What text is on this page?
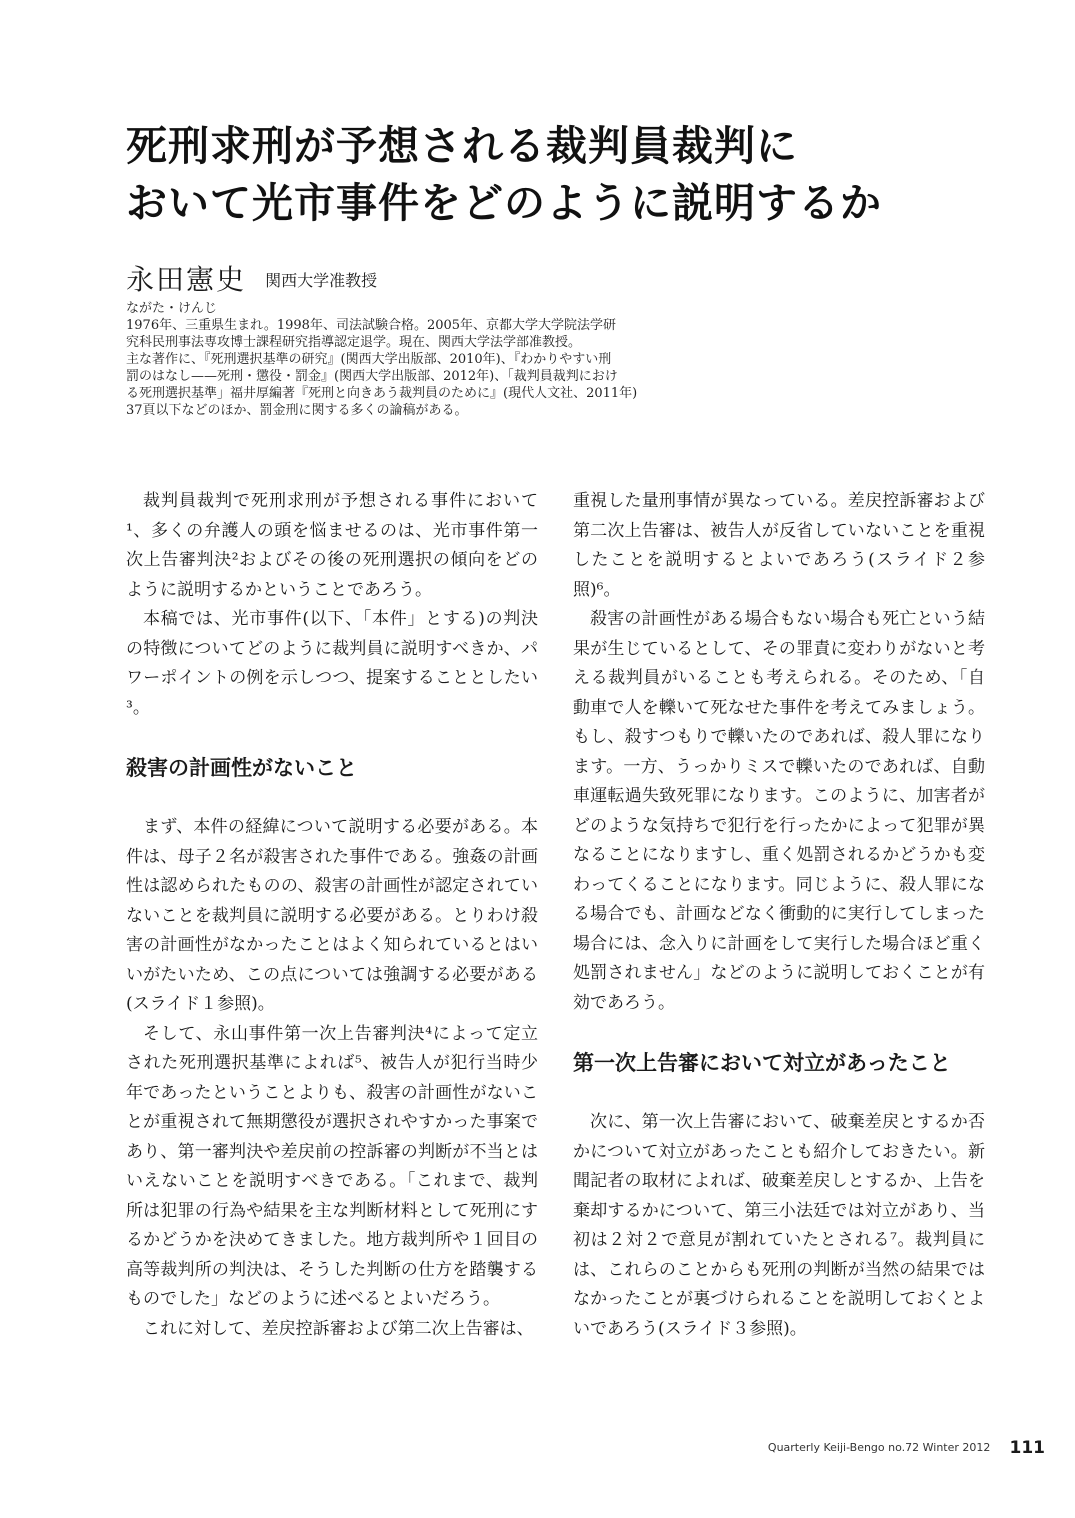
死刑求刑が予想される裁判員裁判に
おいて光市事件をどのように説明するか
永田憲史 関西大学准教授
ながた・けんじ
1976年、三重県生まれ。1998年、司法試験合格。2005年、京都大学大学院法学研
究科民刑事法専攻博士課程研究指導認定退学。現在、関西大学法学部准教授。
主な著作に、『死刑選択基準の研究』(関西大学出版部、2010年)、『わかりやすい刑
罰のはなし——死刑・懲役・罰金』(関西大学出版部、2012年)、「裁判員裁判におけ
る死刑選択基準」福井厚編著『死刑と向きあう裁判員のために』(現代人文社、2011年)
37頁以下などのほか、罰金刑に関する多くの論稿がある。

裁判員裁判で死刑求刑が予想される事件において¹、多くの弁護人の頭を悩ませるのは、光市事件第一次上告審判決²およびその後の死刑選択の傾向をどのように説明するかということであろう。

本稿では、光市事件(以下、「本件」とする)の判決の特徴についてどのように裁判員に説明すべきか、パワーポイントの例を示しつつ、提案することとしたい³。

殺害の計画性がないこと

まず、本件の経緯について説明する必要がある。本件は、母子２名が殺害された事件である。強姦の計画性は認められたものの、殺害の計画性が認定されていないことを裁判員に説明する必要がある。とりわけ殺害の計画性がなかったことはよく知られているとはいいがたいため、この点については強調する必要がある(スライド１参照)。

そして、永山事件第一次上告審判決⁴によって定立された死刑選択基準によれば⁵、被告人が犯行当時少年であったということよりも、殺害の計画性がないことが重視されて無期懲役が選択されやすかった事案であり、第一審判決や差戻前の控訴審の判断が不当とはいえないことを説明すべきである。「これまで、裁判所は犯罪の行為や結果を主な判断材料として死刑にするかどうかを決めてきました。地方裁判所や１回目の高等裁判所の判決は、そうした判断の仕方を踏襲するものでした」などのように述べるとよいだろう。

これに対して、差戻控訴審および第二次上告審は、

重視した量刑事情が異なっている。差戻控訴審および第二次上告審は、被告人が反省していないことを重視したことを説明するとよいであろう(スライド２参照)⁶。

殺害の計画性がある場合もない場合も死亡という結果が生じているとして、その罪責に変わりがないと考える裁判員がいることも考えられる。そのため、「自動車で人を轢いて死なせた事件を考えてみましょう。もし、殺すつもりで轢いたのであれば、殺人罪になります。一方、うっかりミスで轢いたのであれば、自動車運転過失致死罪になります。このように、加害者がどのような気持ちで犯行を行ったかによって犯罪が異なることになりますし、重く処罰されるかどうかも変わってくることになります。同じように、殺人罪になる場合でも、計画などなく衝動的に実行してしまった場合には、念入りに計画をして実行した場合ほど重く処罰されません」などのように説明しておくことが有効であろう。

第一次上告審において対立があったこと

次に、第一次上告審において、破棄差戻とするか否かについて対立があったことも紹介しておきたい。新聞記者の取材によれば、破棄差戻しとするか、上告を棄却するかについて、第三小法廷では対立があり、当初は２対２で意見が割れていたとされる⁷。裁判員には、これらのことからも死刑の判断が当然の結果ではなかったことが裏づけられることを説明しておくとよいであろう(スライド３参照)。

Quarterly Keiji-Bengo no.72 Winter 2012 111
